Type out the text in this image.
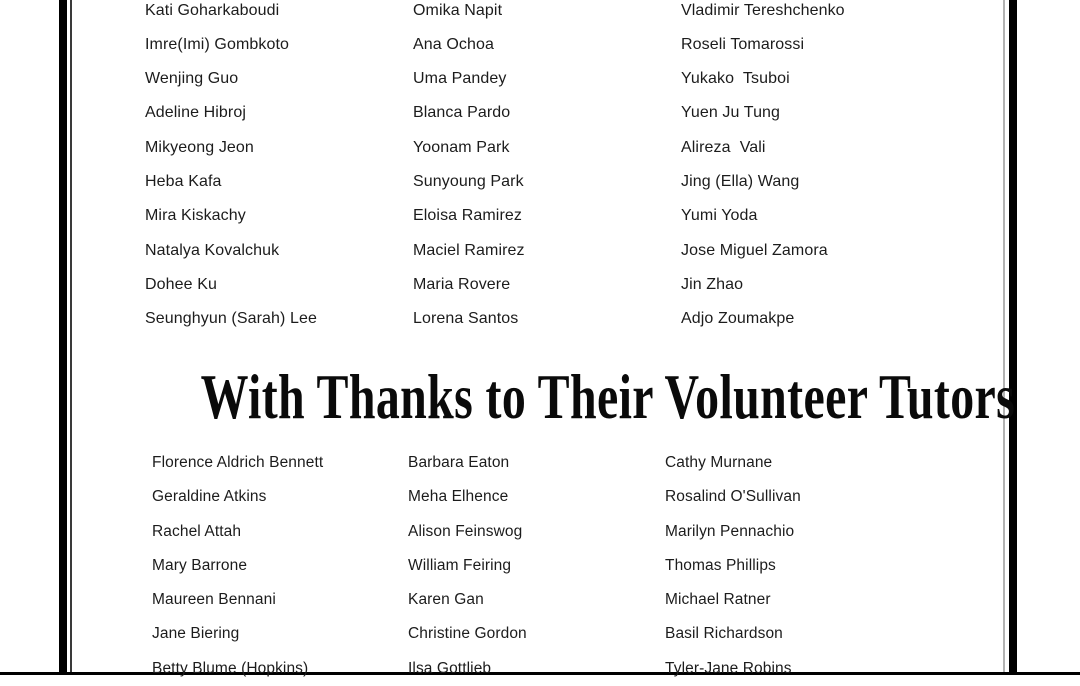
Kati Goharkaboudi
Imre(Imi) Gombkoto
Wenjing Guo
Adeline Hibroj
Mikyeong Jeon
Heba Kafa
Mira Kiskachy
Natalya Kovalchuk
Dohee Ku
Seunghyun (Sarah) Lee
Omika Napit
Ana Ochoa
Uma Pandey
Blanca Pardo
Yoonam Park
Sunyoung Park
Eloisa Ramirez
Maciel Ramirez
Maria Rovere
Lorena Santos
Vladimir Tereshchenko
Roseli Tomarossi
Yukako  Tsuboi
Yuen Ju Tung
Alireza  Vali
Jing (Ella) Wang
Yumi Yoda
Jose Miguel Zamora
Jin Zhao
Adjo Zoumakpe
With Thanks to Their Volunteer Tutors
Florence Aldrich Bennett
Geraldine Atkins
Rachel Attah
Mary Barrone
Maureen Bennani
Jane Biering
Betty Blume (Hopkins)
Barbara Eaton
Meha Elhence
Alison Feinswog
William Feiring
Karen Gan
Christine Gordon
Ilsa Gottlieb
Cathy Murnane
Rosalind O'Sullivan
Marilyn Pennachio
Thomas Phillips
Michael Ratner
Basil Richardson
Tyler-Jane Robins
